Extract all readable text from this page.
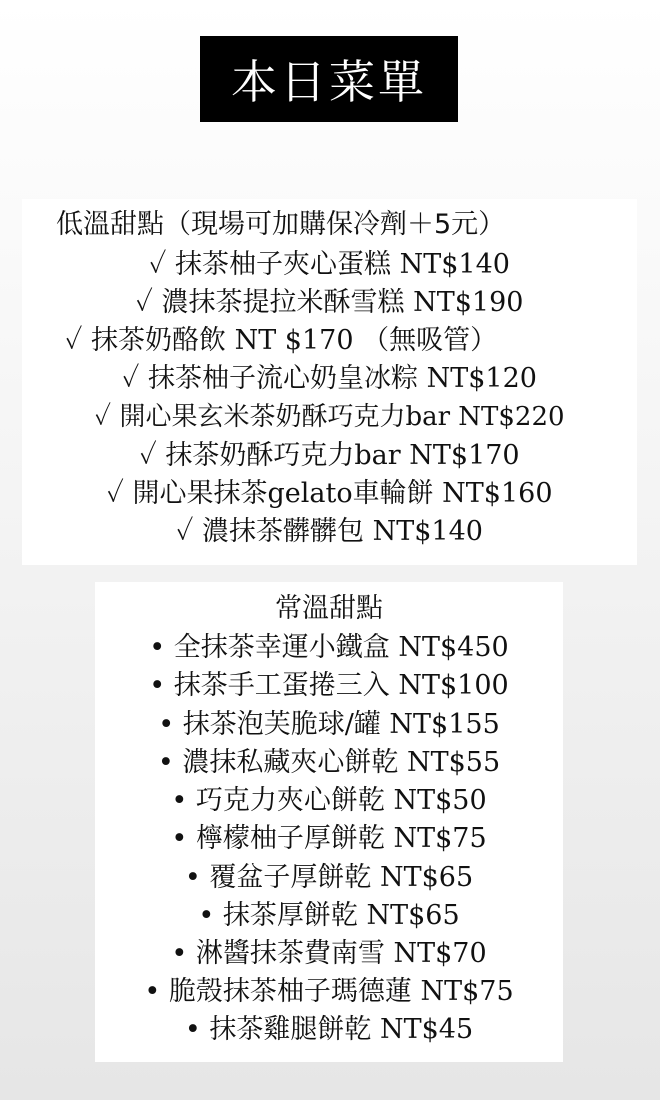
本日菜單
低溫甜點（現場可加購保冷劑＋5元）
✓ 抹茶柚子夾心蛋糕 NT$140
✓ 濃抹茶提拉米酥雪糕 NT$190
✓ 抹茶奶酪飲 NT $170 （無吸管）
✓ 抹茶柚子流心奶皇冰粽 NT$120
✓ 開心果玄米茶奶酥巧克力bar NT$220
✓ 抹茶奶酥巧克力bar NT$170
✓ 開心果抹茶gelato車輪餅 NT$160
✓ 濃抹茶髒髒包 NT$140
常溫甜點
• 全抹茶幸運小鐵盒 NT$450
• 抹茶手工蛋捲三入 NT$100
• 抹茶泡芙脆球/罐 NT$155
• 濃抹私藏夾心餅乾 NT$55
• 巧克力夾心餅乾 NT$50
• 檸檬柚子厚餅乾 NT$75
• 覆盆子厚餅乾 NT$65
• 抹茶厚餅乾 NT$65
• 淋醬抹茶費南雪 NT$70
• 脆殼抹茶柚子瑪德蓮 NT$75
• 抹茶雞腿餅乾 NT$45
